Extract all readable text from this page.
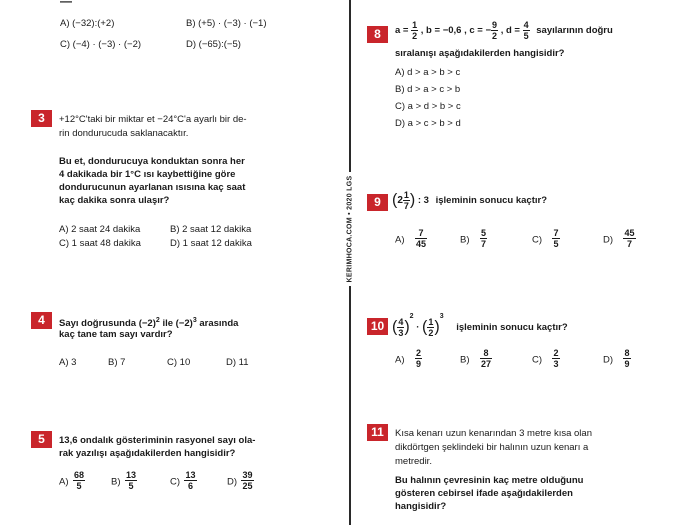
—
A) (−32):(+2)	B) (+5) · (−3) · (−1)
C) (−4) · (−3) · (−2)	D) (−65):(−5)
3	+12°C'taki bir miktar et −24°C'a ayarlı bir de-
rin dondurucuda saklanacaktır.
Bu et, dondurucuya konduktan sonra her
4 dakikada bir 1°C ısı kaybettiğine göre
dondurucunun ayarlanan ısısına kaç saat
kaç dakika sonra ulaşır?
A) 2 saat 24 dakika	B) 2 saat 12 dakika
C) 1 saat 48 dakika	D) 1 saat 12 dakika
4	Sayı doğrusunda $(-2)^2$ ile $(-2)^3$ arasında
kaç tane tam sayı vardır?
A) 3	B) 7	C) 10	D) 11
5	13,6 ondalık gösteriminin rasyonel sayı ola-
rak yazılışı aşağıdakilerden hangisidir?
$A) \frac{68}{5}$	$B) \frac{13}{5}$	$C) \frac{13}{6}$	$D) \frac{39}{25}$
KERIMHOCA.COM • 2020 LGS
8	$a = \frac{1}{2}$ , b = −0,6 , c = − $\frac{9}{2}$ , $d = \frac{4}{5}$ sayılarının doğru
sıralanışı aşağıdakilerden hangisidir?
A) d > a > b > c
B) d > a > c > b
C) a > d > b > c
D) a > c > b > d
9 ($2 \frac{1}{7}$ ) : 3 işleminin sonucu kaçtır?
$A) \frac{7}{45}$	$B) \frac{5}{7}$	$C) \frac{7}{5}$	$D) \frac{45}{7}$
10 ( $\frac{4}{3} )^2$ · ( $\frac{1}{2} )^3$ işleminin sonucu kaçtır?
$A) \frac{2}{9}$	$B) \frac{8}{27}$	$C) \frac{2}{3}$	$D) \frac{8}{9}$
11	Kısa kenarı uzun kenarından 3 metre kısa olan
dikdörtgen şeklindeki bir halının uzun kenarı a
metredir.
Bu halının çevresinin kaç metre olduğunu
gösteren cebirsel ifade aşağıdakilerden
hangisidir?
